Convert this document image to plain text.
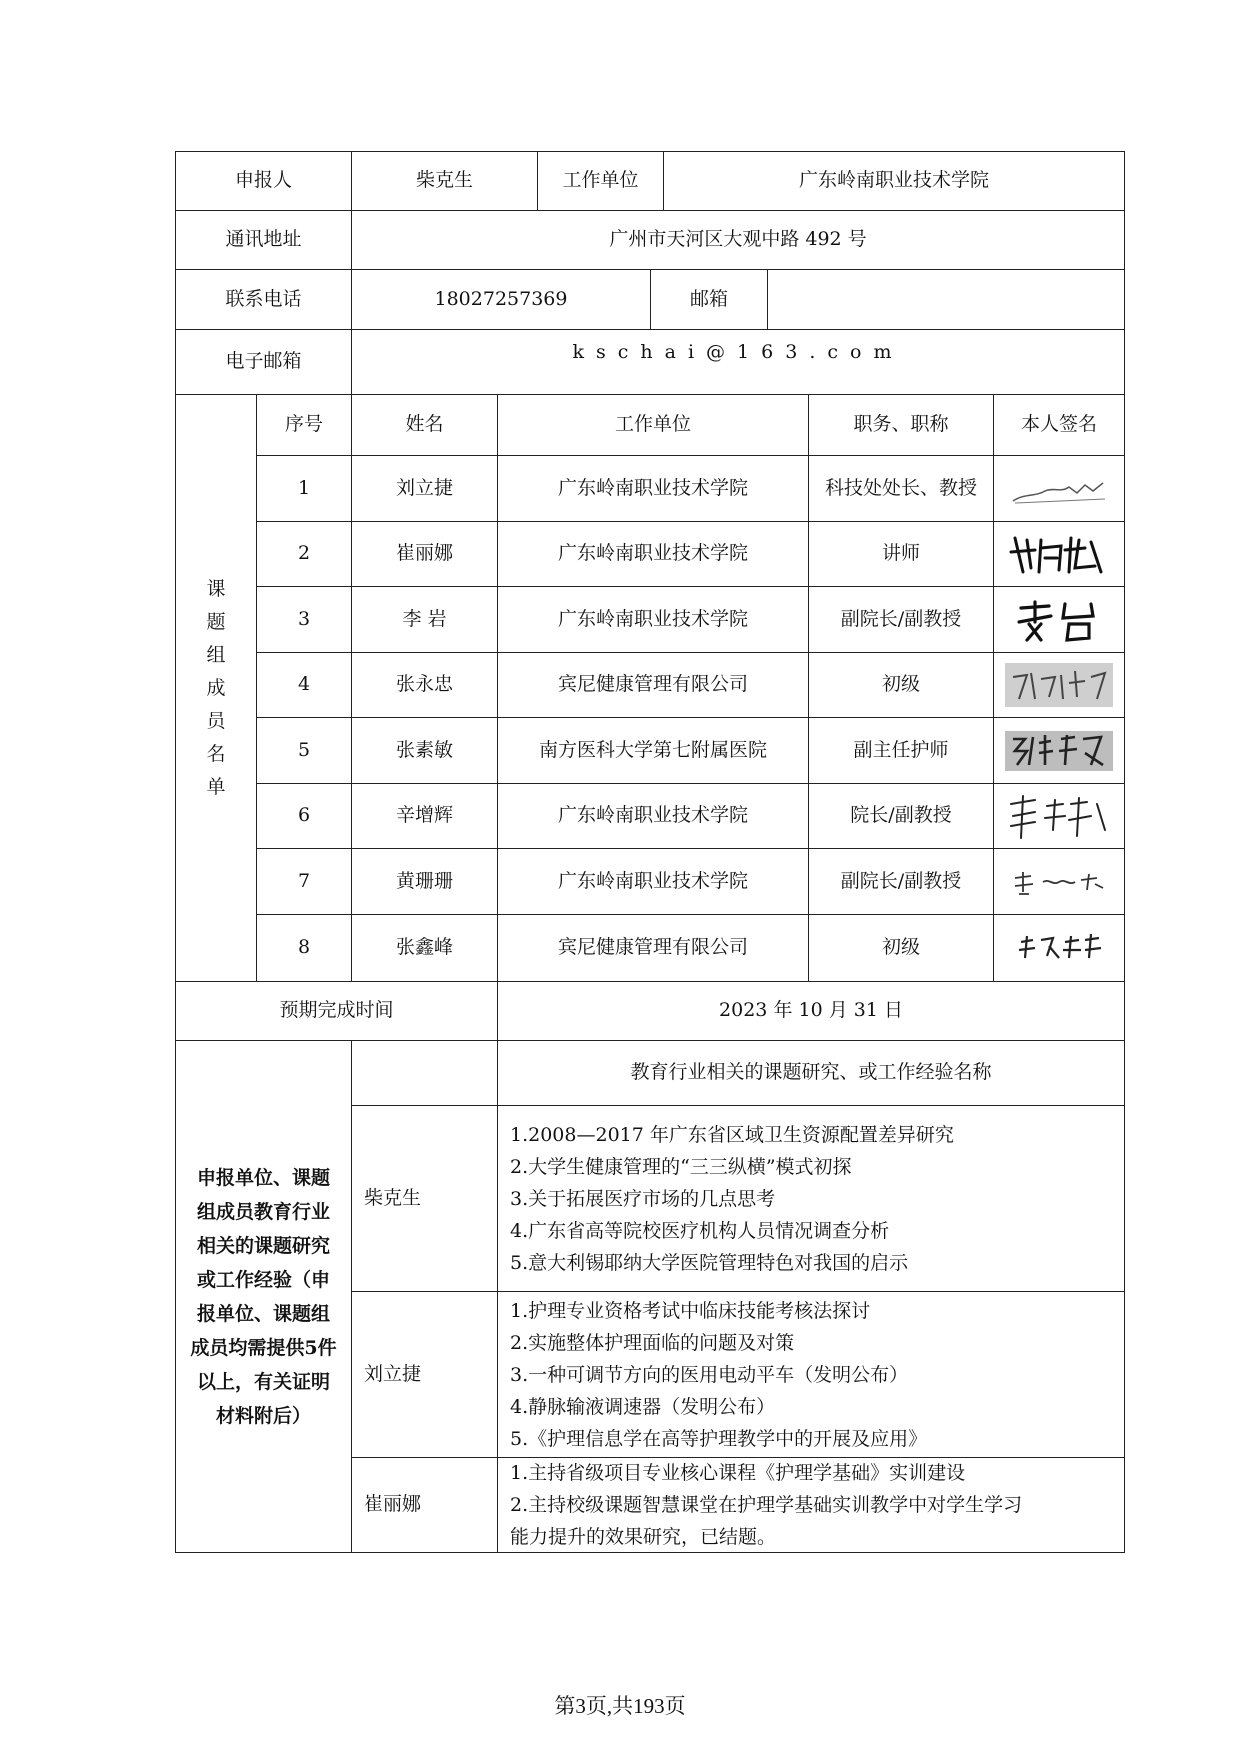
申报人	柴克生	工作单位	广东岭南职业技术学院
通讯地址	广州市天河区大观中路 492 号
联系电话	18027257369	邮箱
电子邮箱	kschai@163.com
课
题
组
成
员
名
单
序号	姓名	工作单位	职务、职称	本人签名
1	刘立捷	广东岭南职业技术学院	科技处处长、教授
2	崔丽娜	广东岭南职业技术学院	讲师
3	李 岩	广东岭南职业技术学院	副院长/副教授
4	张永忠	宾尼健康管理有限公司	初级
5	张素敏	南方医科大学第七附属医院	副主任护师
6	辛增辉	广东岭南职业技术学院	院长/副教授
7	黄珊珊	广东岭南职业技术学院	副院长/副教授
8	张鑫峰	宾尼健康管理有限公司	初级
预期完成时间	2023 年 10 月 31 日
申报单位、课题组成员教育行业相关的课题研究或工作经验（申报单位、课题组成员均需提供5件以上，有关证明材料附后）
教育行业相关的课题研究、或工作经验名称
柴克生
1.2008—2017 年广东省区域卫生资源配置差异研究
2.大学生健康管理的“三三纵横”模式初探
3.关于拓展医疗市场的几点思考
4.广东省高等院校医疗机构人员情况调查分析
5.意大利锡耶纳大学医院管理特色对我国的启示
刘立捷
1.护理专业资格考试中临床技能考核法探讨
2.实施整体护理面临的问题及对策
3.一种可调节方向的医用电动平车（发明公布）
4.静脉输液调速器（发明公布）
5.《护理信息学在高等护理教学中的开展及应用》
崔丽娜
1.主持省级项目专业核心课程《护理学基础》实训建设
2.主持校级课题智慧课堂在护理学基础实训教学中对学生学习
能力提升的效果研究，已结题。
第3页,共193页
